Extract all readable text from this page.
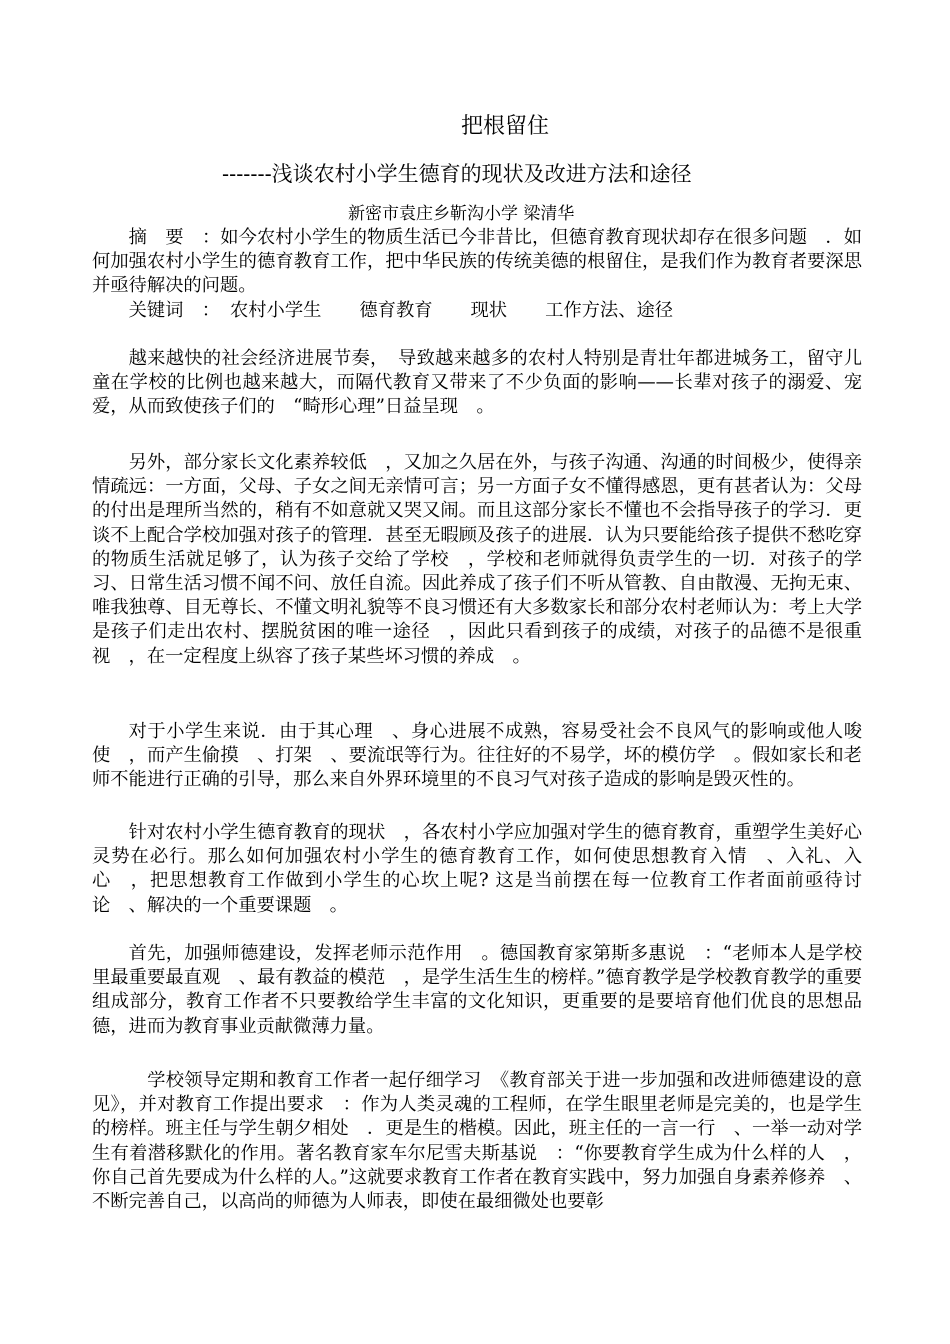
把根留住
-------浅谈农村小学生德育的现状及改进方法和途径
新密市袁庄乡靳沟小学 梁清华

摘　要　：如今农村小学生的物质生活已今非昔比，但德育教育现状却存在很多问题　．如何加强农村小学生的德育教育工作，把中华民族的传统美德的根留住，是我们作为教育者要深思并亟待解决的问题。

关键词　： 农村小学生 德育教育 现状 工作方法、途径

越来越快的社会经济进展节奏，　导致越来越多的农村人特别是青壮年都进城务工，留守儿童在学校的比例也越来越大，而隔代教育又带来了不少负面的影响——长辈对孩子的溺爱、宠爱，从而致使孩子们的　“畸形心理”日益呈现　。

另外，部分家长文化素养较低　，又加之久居在外，与孩子沟通、沟通的时间极少，使得亲情疏远：一方面，父母、子女之间无亲情可言；另一方面子女不懂得感恩，更有甚者认为：父母的付出是理所当然的，稍有不如意就又哭又闹。而且这部分家长不懂也不会指导孩子的学习．更谈不上配合学校加强对孩子的管理．甚至无暇顾及孩子的进展．认为只要能给孩子提供不愁吃穿的物质生活就足够了，认为孩子交给了学校　，学校和老师就得负责学生的一切．对孩子的学习、日常生活习惯不闻不问、放任自流。因此养成了孩子们不听从管教、自由散漫、无拘无束、唯我独尊、目无尊长、不懂文明礼貌等不良习惯还有大多数家长和部分农村老师认为：考上大学是孩子们走出农村、摆脱贫困的唯一途径　，因此只看到孩子的成绩，对孩子的品德不是很重视　，在一定程度上纵容了孩子某些坏习惯的养成　。

对于小学生来说．由于其心理　、身心进展不成熟，容易受社会不良风气的影响或他人唆使　，而产生偷摸　、打架　、要流氓等行为。往往好的不易学，坏的模仿学　。假如家长和老师不能进行正确的引导，那么来自外界环境里的不良习气对孩子造成的影响是毁灭性的。

针对农村小学生德育教育的现状　，各农村小学应加强对学生的德育教育，重塑学生美好心灵势在必行。那么如何加强农村小学生的德育教育工作，如何使思想教育入情　、入礼、入心　，把思想教育工作做到小学生的心坎上呢? 这是当前摆在每一位教育工作者面前亟待讨论　、解决的一个重要课题　。

首先，加强师德建设，发挥老师示范作用　。德国教育家第斯多惠说　：“老师本人是学校里最重要最直观　、最有教益的模范　，是学生活生生的榜样。”德育教学是学校教育教学的重要组成部分，教育工作者不只要教给学生丰富的文化知识，更重要的是要培育他们优良的思想品德，进而为教育事业贡献微薄力量。

　学校领导定期和教育工作者一起仔细学习　《教育部关于进一步加强和改进师德建设的意见》，并对教育工作提出要求　：作为人类灵魂的工程师，在学生眼里老师是完美的，也是学生的榜样。班主任与学生朝夕相处　．更是生的楷模。因此，班主任的一言一行　、一举一动对学生有着潜移默化的作用。著名教育家车尔尼雪夫斯基说　：“你要教育学生成为什么样的人　，你自己首先要成为什么样的人。”这就要求教育工作者在教育实践中，努力加强自身素养修养　、不断完善自己，以高尚的师德为人师表，即使在最细微处也要彰
